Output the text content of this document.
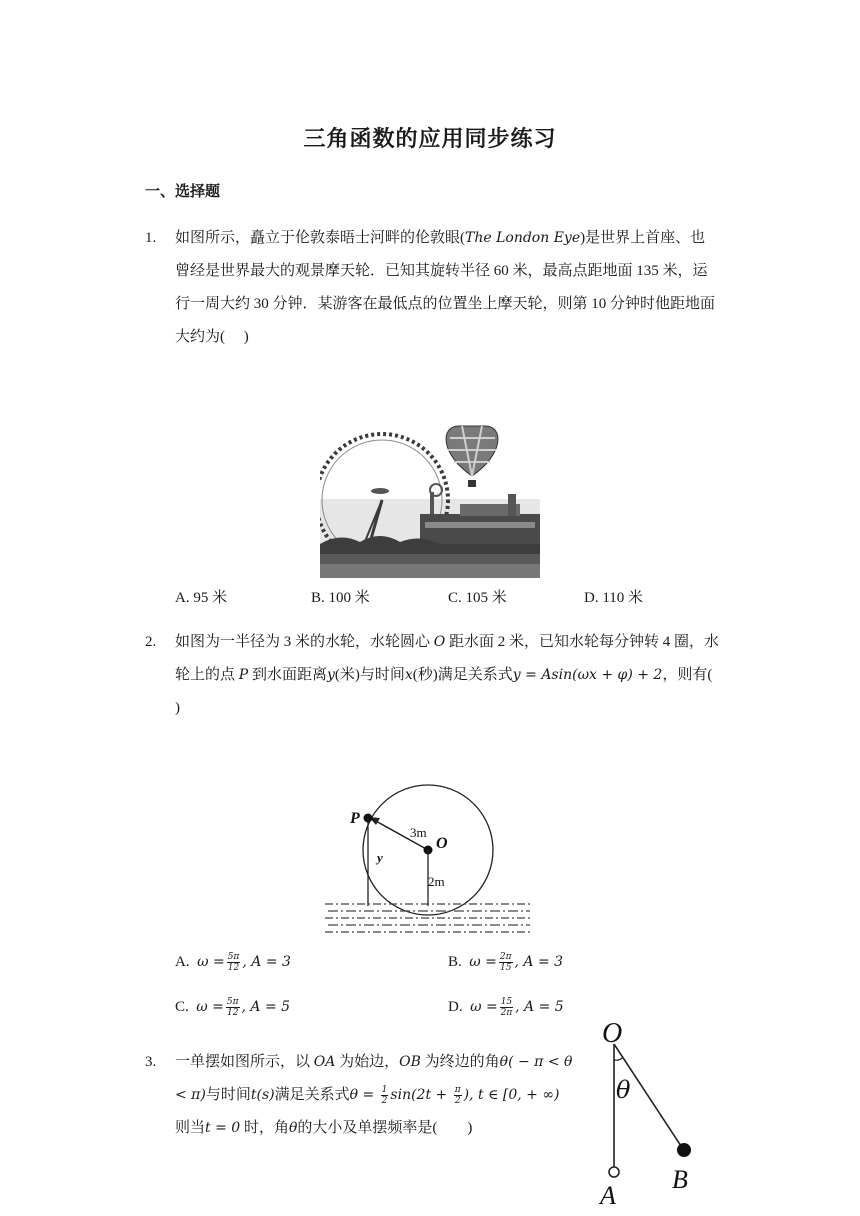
三角函数的应用同步练习
一、选择题
1. 如图所示，矗立于伦敦泰晤士河畔的伦敦眼(The London Eye)是世界上首座、也曾经是世界最大的观景摩天轮．已知其旋转半径 60 米，最高点距地面 135 米，运行一周大约 30 分钟．某游客在最低点的位置坐上摩天轮，则第 10 分钟时他距地面大约为(　 )
A. 95 米	B. 100 米	C. 105 米	D. 110 米
2. 如图为一半径为 3 米的水轮，水轮圆心 O 距水面 2 米，已知水轮每分钟转 4 圈，水轮上的点 P 到水面距离y(米)与时间x(秒)满足关系式y = Asin(ωx + φ) + 2，则有(　 )
P
O
3m
y
2m
A. $\omega = \frac{5\pi}{12}$ , A = 3	B. $\omega = \frac{2\pi}{15}$ , A = 3
C. $\omega = \frac{5\pi}{12}$ , A = 5	D. $\omega = \frac{15}{2\pi}$ , A = 5
3. 一单摆如图所示，以 OA 为始边，OB 为终边的角θ( − π < θ < π)与时间t(s)满足关系式$\theta = \frac{1}{2} \sin(2t + \frac{\pi}{2}$ ), t ∈ [0, + ∞)
则当t = 0 时，角θ的大小及单摆频率是(　　)
O
θ
A
B
